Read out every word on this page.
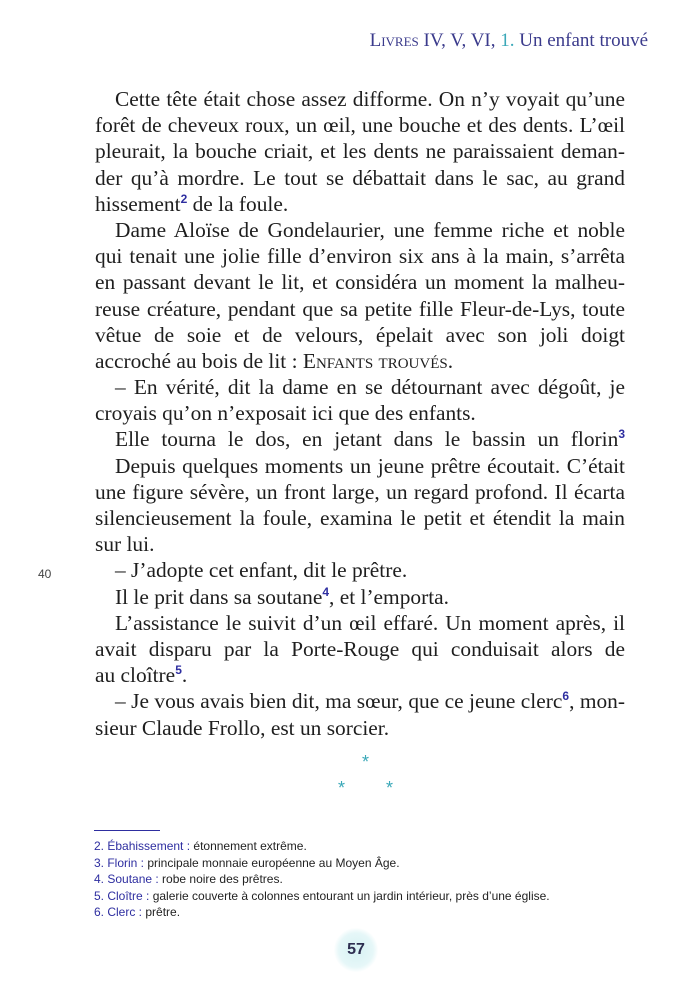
Livres IV, V, VI, 1. Un enfant trouvé
Cette tête était chose assez difforme. On n’y voyait qu’une
forêt de cheveux roux, un œil, une bouche et des dents. L’œil
pleurait, la bouche criait, et les dents ne paraissaient deman-
der qu’à mordre. Le tout se débattait dans le sac, au grand
hissement$^2$ de la foule.
Dame Aloïse de Gondelaurier, une femme riche et noble
qui tenait une jolie fille d’environ six ans à la main, s’arrêta
en passant devant le lit, et considéra un moment la malheu-
reuse créature, pendant que sa petite fille Fleur-de-Lys, toute
vêtue de soie et de velours, épelait avec son joli doigt
accroché au bois de lit : Enfants trouvés.
– En vérité, dit la dame en se détournant avec dégoût, je
croyais qu’on n’exposait ici que des enfants.
Elle tourna le dos, en jetant dans le bassin un florin$^3$
Depuis quelques moments un jeune prêtre écoutait. C’était
une figure sévère, un front large, un regard profond. Il écarta
silencieusement la foule, examina le petit et étendit la main
sur lui.
– J’adopte cet enfant, dit le prêtre.
40
Il le prit dans sa soutane$^4$, et l’emporta.
L’assistance le suivit d’un œil effaré. Un moment après, il
avait disparu par la Porte-Rouge qui conduisait alors de
au cloître$^5$.
– Je vous avais bien dit, ma sœur, que ce jeune clerc$^6$, mon-
sieur Claude Frollo, est un sorcier.
*
* *
2. Ébahissement : étonnement extrême.
3. Florin : principale monnaie européenne au Moyen Âge.
4. Soutane : robe noire des prêtres.
5. Cloître : galerie couverte à colonnes entourant un jardin intérieur, près d’une église.
6. Clerc : prêtre.
57
